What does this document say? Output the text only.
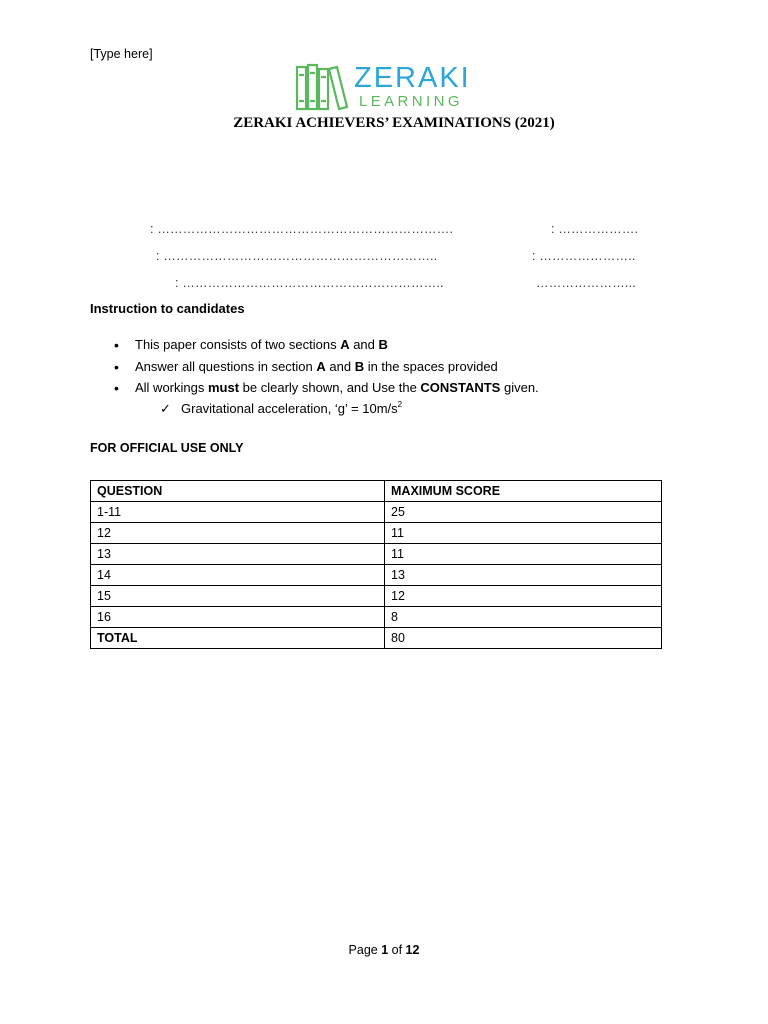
[Type here]
ZERAKI
LEARNING
ZERAKI ACHIEVERS’ EXAMINATIONS (2021)
: …………………………………………………………….	: ……………….
: ………………………………………………………..	: …………………..
: ……………………………………………………..	…………………...
Instruction to candidates
• This paper consists of two sections A and B
• Answer all questions in section A and B in the spaces provided
• All workings must be clearly shown, and Use the CONSTANTS given.
✓ Gravitational acceleration, ‘g’ = $10m/s^2$
FOR OFFICIAL USE ONLY
QUESTION	MAXIMUM SCORE
1-11	25
12	11
13	11
14	13
15	12
16	8
TOTAL	80
Page 1 of 12
